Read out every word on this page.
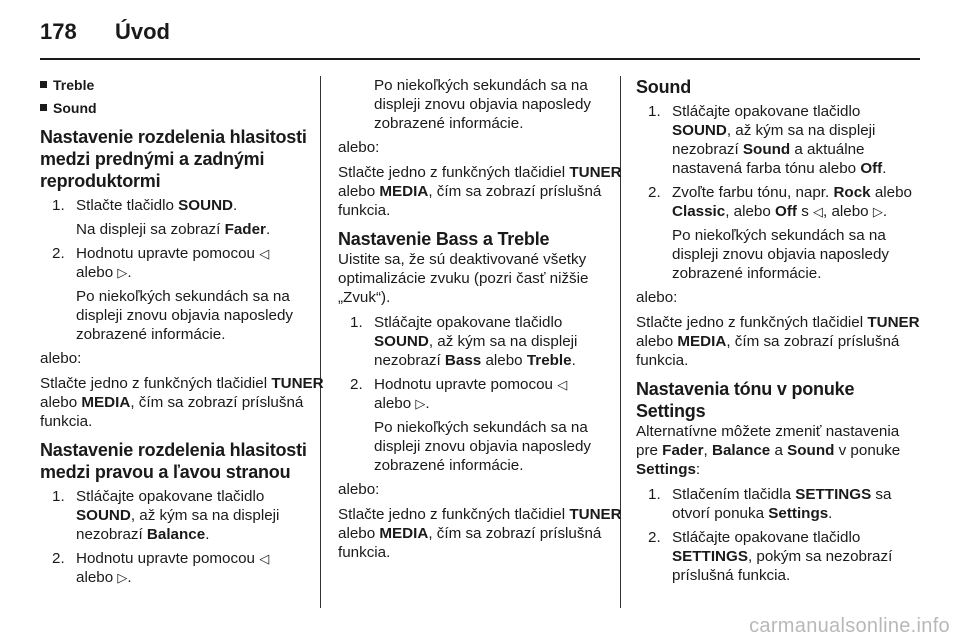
178 Úvod
Treble
Sound
Nastavenie rozdelenia hlasitosti medzi prednými a zadnými reproduktormi
1. Stlačte tlačidlo SOUND.
Na displeji sa zobrazí Fader.
2. Hodnotu upravte pomocou ◁
alebo ▷.
Po niekoľkých sekundách sa na displeji znovu objavia naposledy zobrazené informácie.

alebo:

Stlačte jedno z funkčných tlačidiel TUNER alebo MEDIA, čím sa zobrazí príslušná funkcia.

Nastavenie rozdelenia hlasitosti medzi pravou a ľavou stranou
1. Stláčajte opakovane tlačidlo SOUND, až kým sa na displeji nezobrazí Balance.
2. Hodnotu upravte pomocou ◁
alebo ▷.
Po niekoľkých sekundách sa na displeji znovu objavia naposledy zobrazené informácie.

alebo:

Stlačte jedno z funkčných tlačidiel TUNER alebo MEDIA, čím sa zobrazí príslušná funkcia.

Nastavenie Bass a Treble

Uistite sa, že sú deaktivované všetky optimalizácie zvuku (pozri časť nižšie „Zvuk“).

1. Stláčajte opakovane tlačidlo SOUND, až kým sa na displeji nezobrazí Bass alebo Treble.
2. Hodnotu upravte pomocou ◁
alebo ▷.
Po niekoľkých sekundách sa na displeji znovu objavia naposledy zobrazené informácie.

alebo:

Stlačte jedno z funkčných tlačidiel TUNER alebo MEDIA, čím sa zobrazí príslušná funkcia.

Sound
1. Stláčajte opakovane tlačidlo SOUND, až kým sa na displeji nezobrazí Sound a aktuálne nastavená farba tónu alebo Off.
2. Zvoľte farbu tónu, napr. Rock alebo Classic, alebo Off s ◁, alebo ▷.
Po niekoľkých sekundách sa na displeji znovu objavia naposledy zobrazené informácie.

alebo:

Stlačte jedno z funkčných tlačidiel TUNER alebo MEDIA, čím sa zobrazí príslušná funkcia.

Nastavenia tónu v ponuke Settings

Alternatívne môžete zmeniť nastavenia pre Fader, Balance a Sound v ponuke Settings:

1. Stlačením tlačidla SETTINGS sa otvorí ponuka Settings.
2. Stláčajte opakovane tlačidlo SETTINGS, pokým sa nezobrazí príslušná funkcia.
carmanualsonline.info
